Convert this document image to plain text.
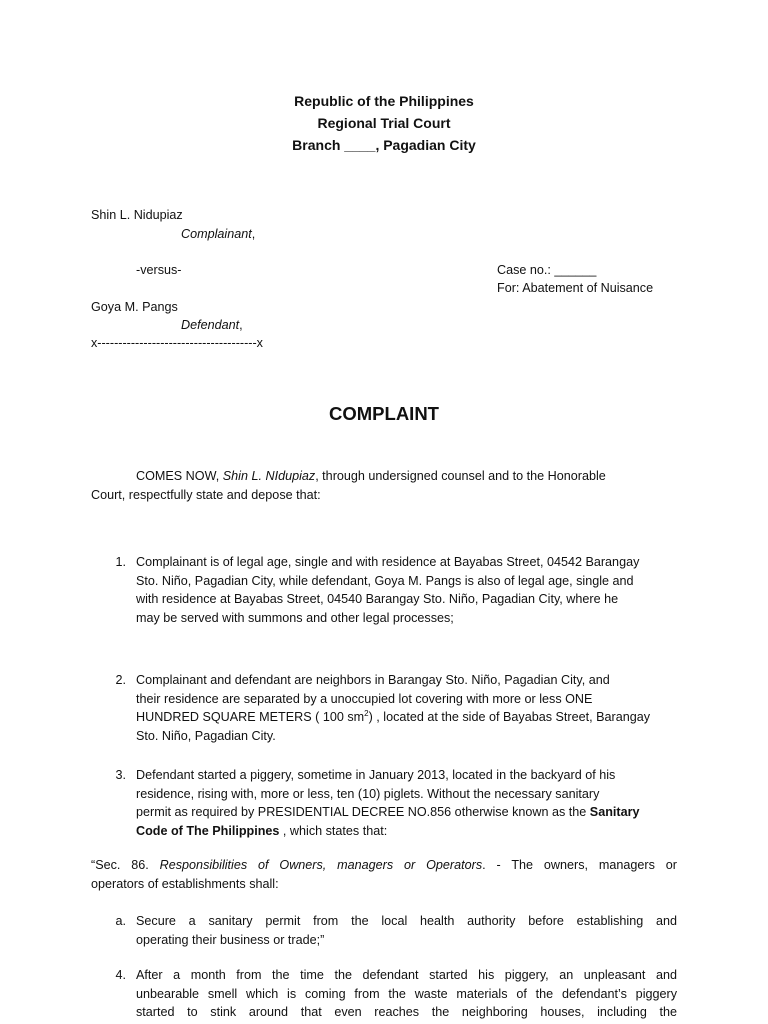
Republic of the Philippines
Regional Trial Court
Branch ____, Pagadian City
Shin L. Nidupiaz
Complainant,
-versus-	Case no.: ______
For: Abatement of Nuisance
Goya M. Pangs
Defendant,
x--------------------------------------x
COMPLAINT
COMES NOW, Shin L. NIdupiaz, through undersigned counsel and to the Honorable
Court, respectfully state and depose that:
1. Complainant is of legal age, single and with residence at Bayabas Street, 04542 Barangay
Sto. Niño, Pagadian City, while defendant, Goya M. Pangs is also of legal age, single and
with residence at Bayabas Street, 04540 Barangay Sto. Niño, Pagadian City, where he
may be served with summons and other legal processes;
2. Complainant and defendant are neighbors in Barangay Sto. Niño, Pagadian City, and
their residence are separated by a unoccupied lot covering with more or less ONE
HUNDRED SQUARE METERS ( 100 $sm^2$) , located at the side of Bayabas Street, Barangay
Sto. Niño, Pagadian City.
3. Defendant started a piggery, sometime in January 2013, located in the backyard of his
residence, rising with, more or less, ten (10) piglets. Without the necessary sanitary
permit as required by PRESIDENTIAL DECREE NO.856 otherwise known as the Sanitary
Code of The Philippines , which states that:
“Sec. 86. Responsibilities of Owners, managers or Operators. - The owners, managers or
operators of establishments shall:
a. Secure a sanitary permit from the local health authority before establishing and
operating their business or trade;”
4. After a month from the time the defendant started his piggery, an unpleasant and
unbearable smell which is coming from the waste materials of the defendant’s piggery
started to stink around that even reaches the neighboring houses, including the
